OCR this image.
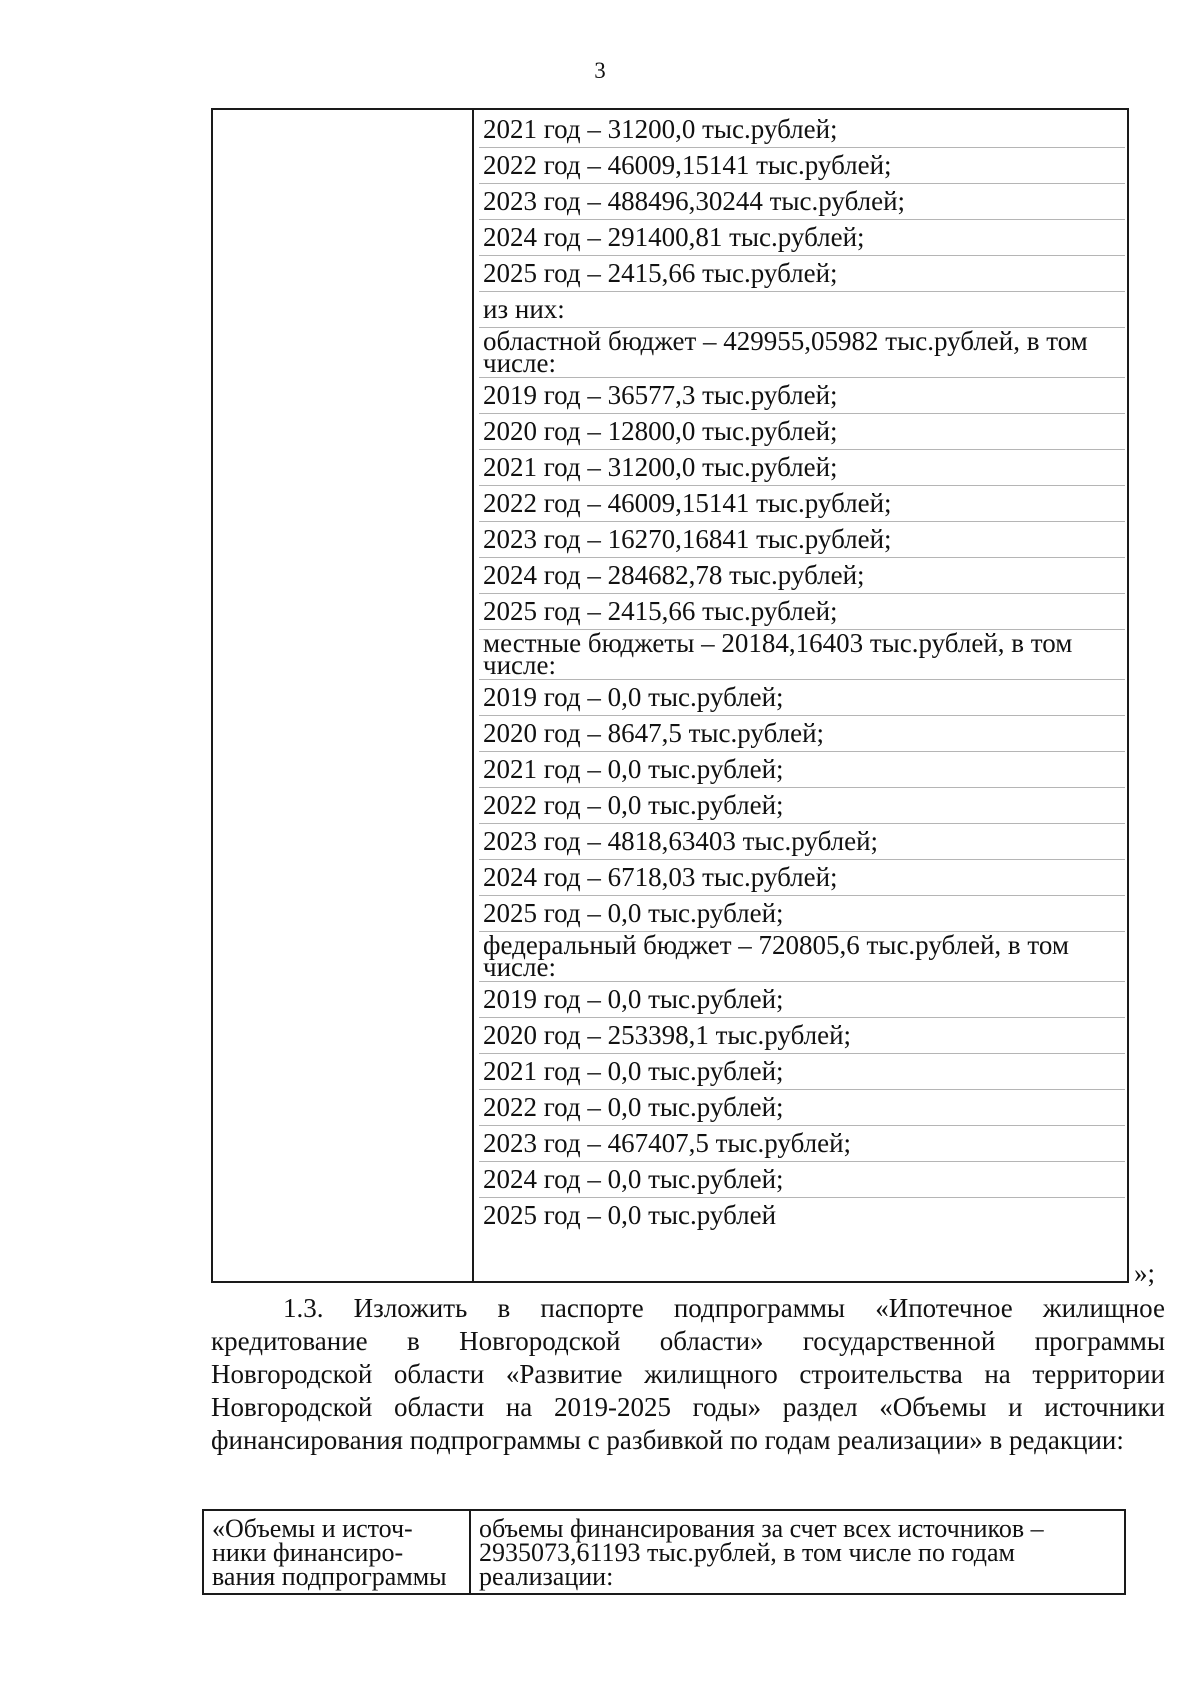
3
2021 год – 31200,0 тыс.рублей;
2022 год – 46009,15141 тыс.рублей;
2023 год – 488496,30244 тыс.рублей;
2024 год – 291400,81 тыс.рублей;
2025 год – 2415,66 тыс.рублей;
из них:
областной бюджет – 429955,05982 тыс.рублей, в том числе:
2019 год – 36577,3 тыс.рублей;
2020 год – 12800,0 тыс.рублей;
2021 год – 31200,0 тыс.рублей;
2022 год – 46009,15141 тыс.рублей;
2023 год – 16270,16841 тыс.рублей;
2024 год – 284682,78 тыс.рублей;
2025 год – 2415,66 тыс.рублей;
местные бюджеты – 20184,16403 тыс.рублей, в том числе:
2019 год – 0,0 тыс.рублей;
2020 год – 8647,5 тыс.рублей;
2021 год – 0,0 тыс.рублей;
2022 год – 0,0 тыс.рублей;
2023 год – 4818,63403 тыс.рублей;
2024 год – 6718,03 тыс.рублей;
2025 год – 0,0 тыс.рублей;
федеральный бюджет – 720805,6 тыс.рублей, в том числе:
2019 год – 0,0 тыс.рублей;
2020 год – 253398,1 тыс.рублей;
2021 год – 0,0 тыс.рублей;
2022 год – 0,0 тыс.рублей;
2023 год – 467407,5 тыс.рублей;
2024 год – 0,0 тыс.рублей;
2025 год – 0,0 тыс.рублей
»;

1.3. Изложить в паспорте подпрограммы «Ипотечное жилищное кредитование в Новгородской области» государственной программы Новгородской области «Развитие жилищного строительства на территории Новгородской области на 2019-2025 годы» раздел «Объемы и источники финансирования подпрограммы с разбивкой по годам реализации» в редакции:

«Объемы и источ-
ники финансиро-
вания подпрограммы
объемы финансирования за счет всех источников –
2935073,61193 тыс.рублей, в том числе по годам
реализации:
